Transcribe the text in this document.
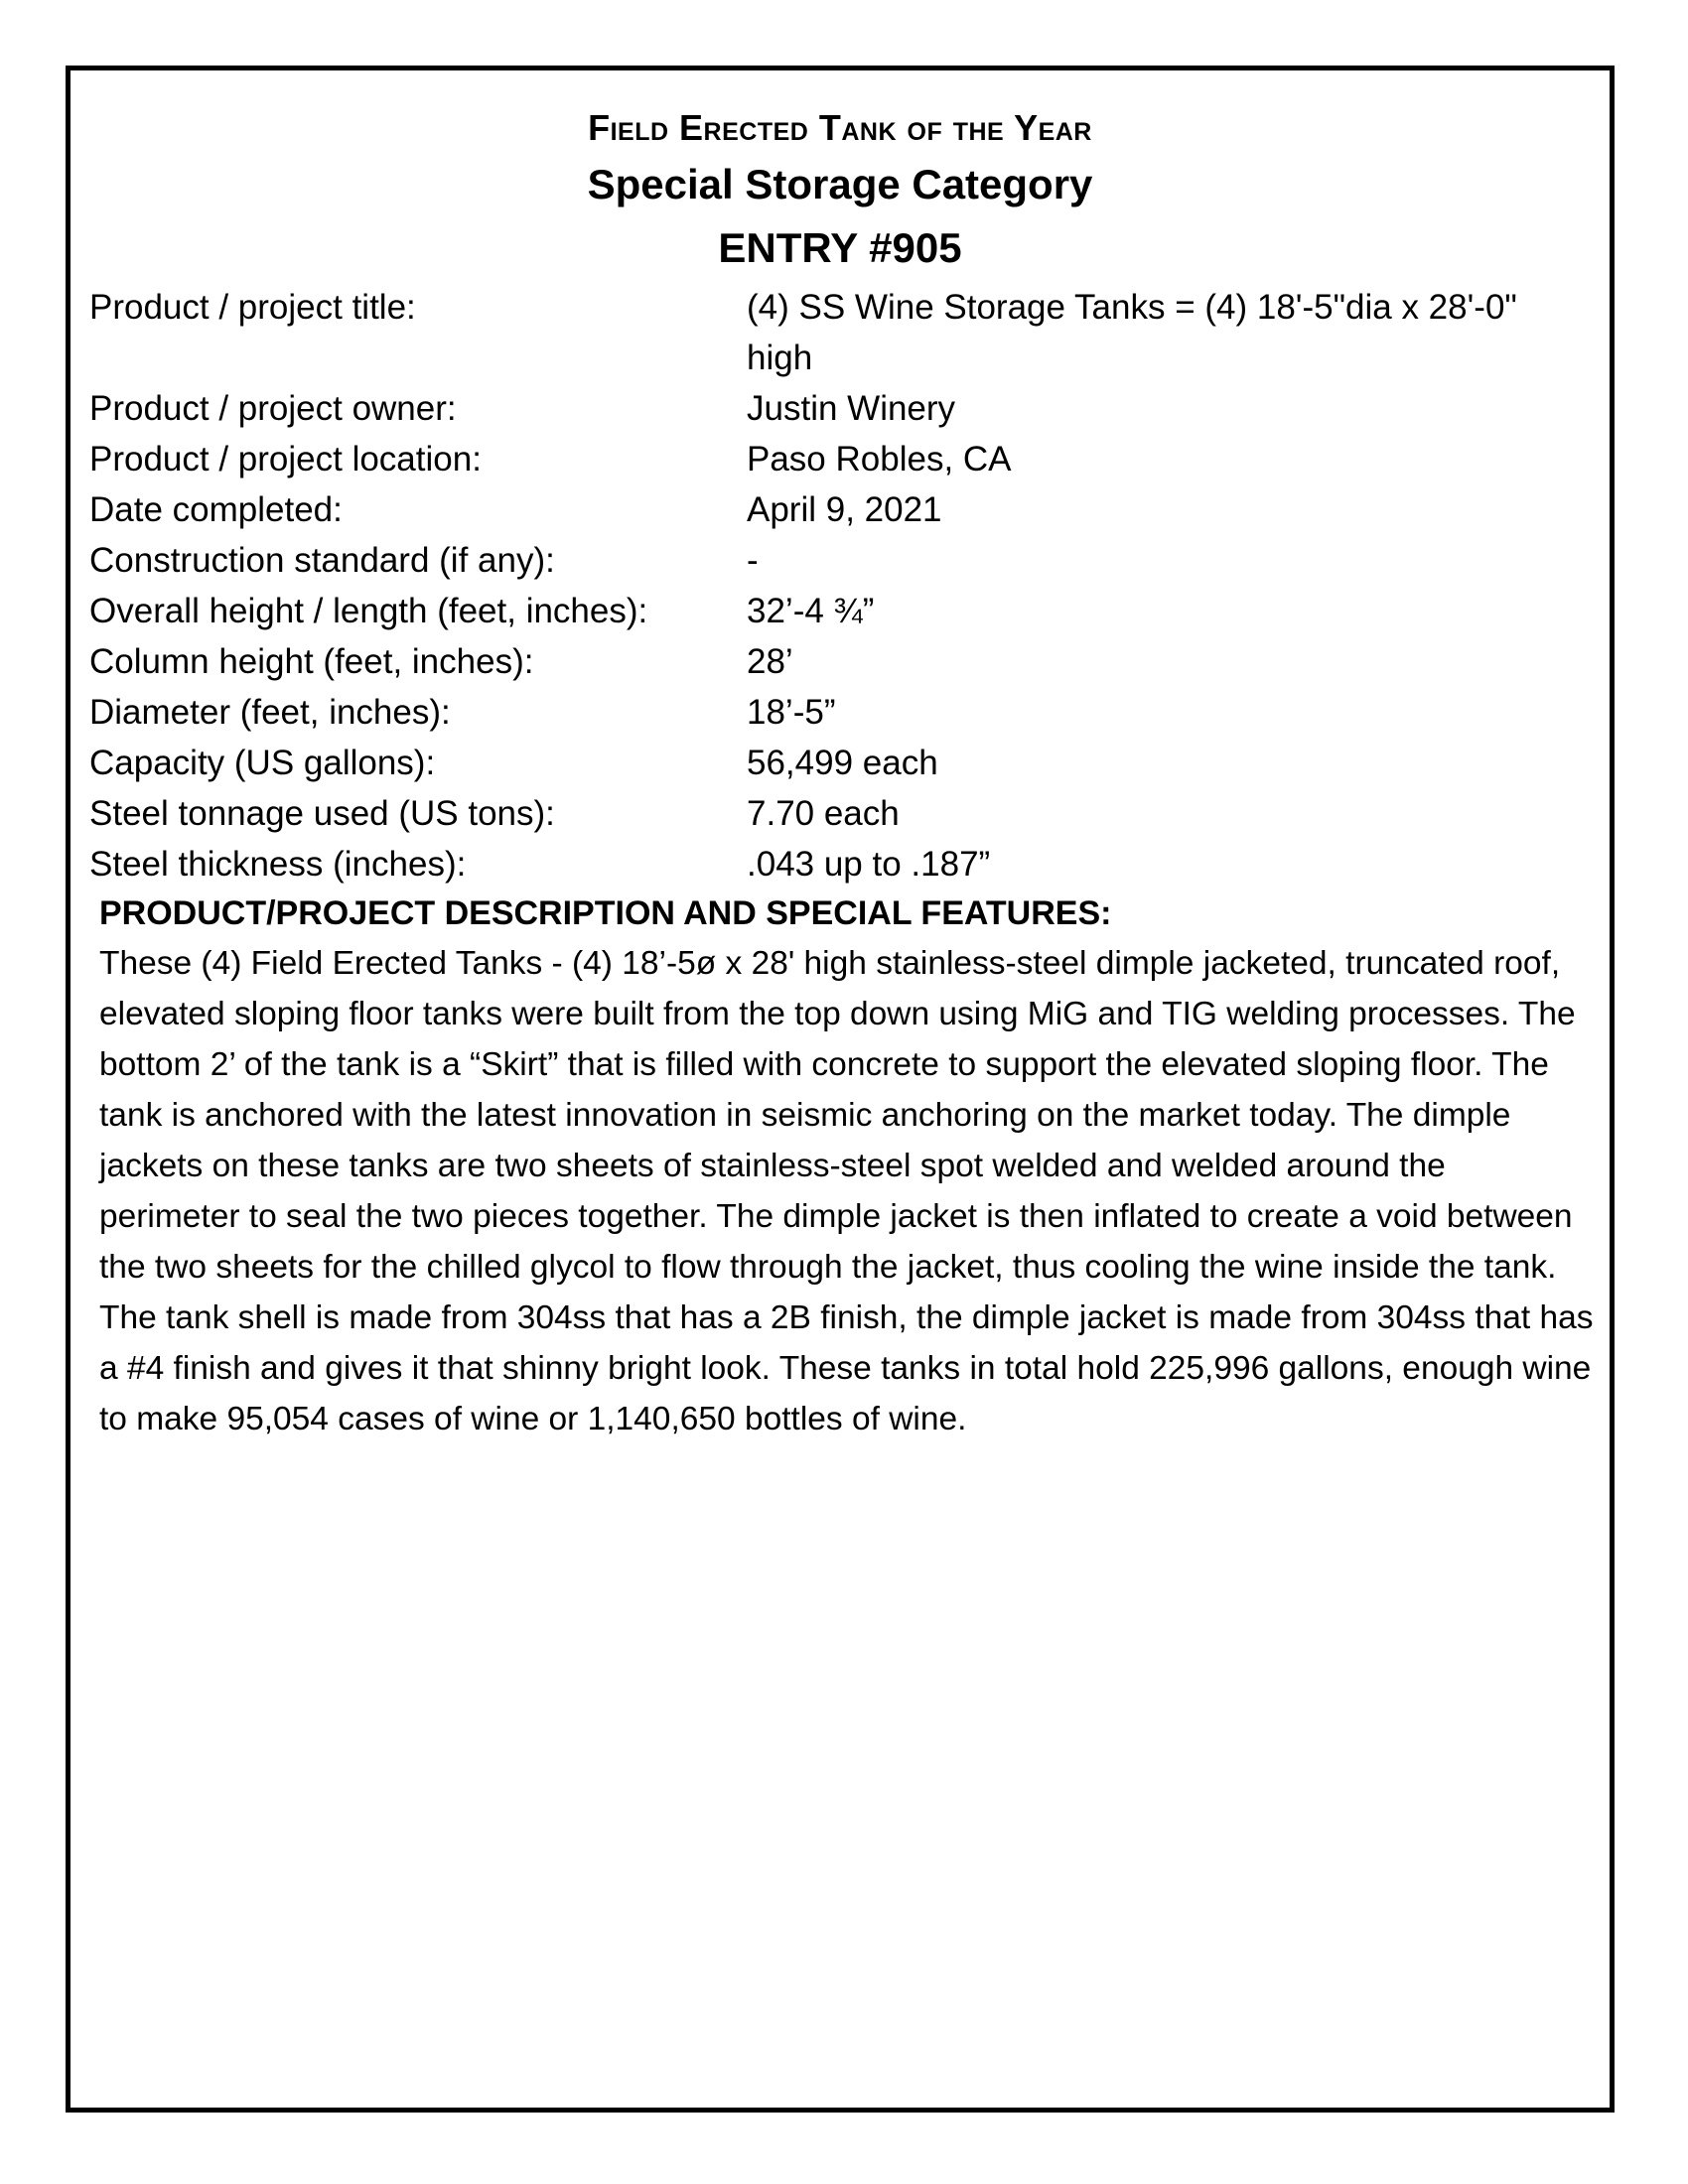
Field Erected Tank of the Year
Special Storage Category
ENTRY #905
Product / project title:	(4) SS Wine Storage Tanks = (4) 18'-5"dia x 28'-0" high
Product / project owner:	Justin Winery
Product / project location:	Paso Robles, CA
Date completed:	April 9, 2021
Construction standard (if any):	-
Overall height / length (feet, inches):	32’-4 ¾”
Column height (feet, inches):	28’
Diameter (feet, inches):	18’-5”
Capacity (US gallons):	56,499 each
Steel tonnage used (US tons):	7.70 each
Steel thickness (inches):	.043 up to .187”
PRODUCT/PROJECT DESCRIPTION AND SPECIAL FEATURES:
These (4) Field Erected Tanks - (4) 18’-5ø x 28' high stainless-steel dimple jacketed, truncated roof, elevated sloping floor tanks were built from the top down using MiG and TIG welding processes. The bottom 2’ of the tank is a “Skirt” that is filled with concrete to support the elevated sloping floor. The tank is anchored with the latest innovation in seismic anchoring on the market today. The dimple jackets on these tanks are two sheets of stainless-steel spot welded and welded around the perimeter to seal the two pieces together. The dimple jacket is then inflated to create a void between the two sheets for the chilled glycol to flow through the jacket, thus cooling the wine inside the tank. The tank shell is made from 304ss that has a 2B finish, the dimple jacket is made from 304ss that has a #4 finish and gives it that shinny bright look. These tanks in total hold 225,996 gallons, enough wine to make 95,054 cases of wine or 1,140,650 bottles of wine.
